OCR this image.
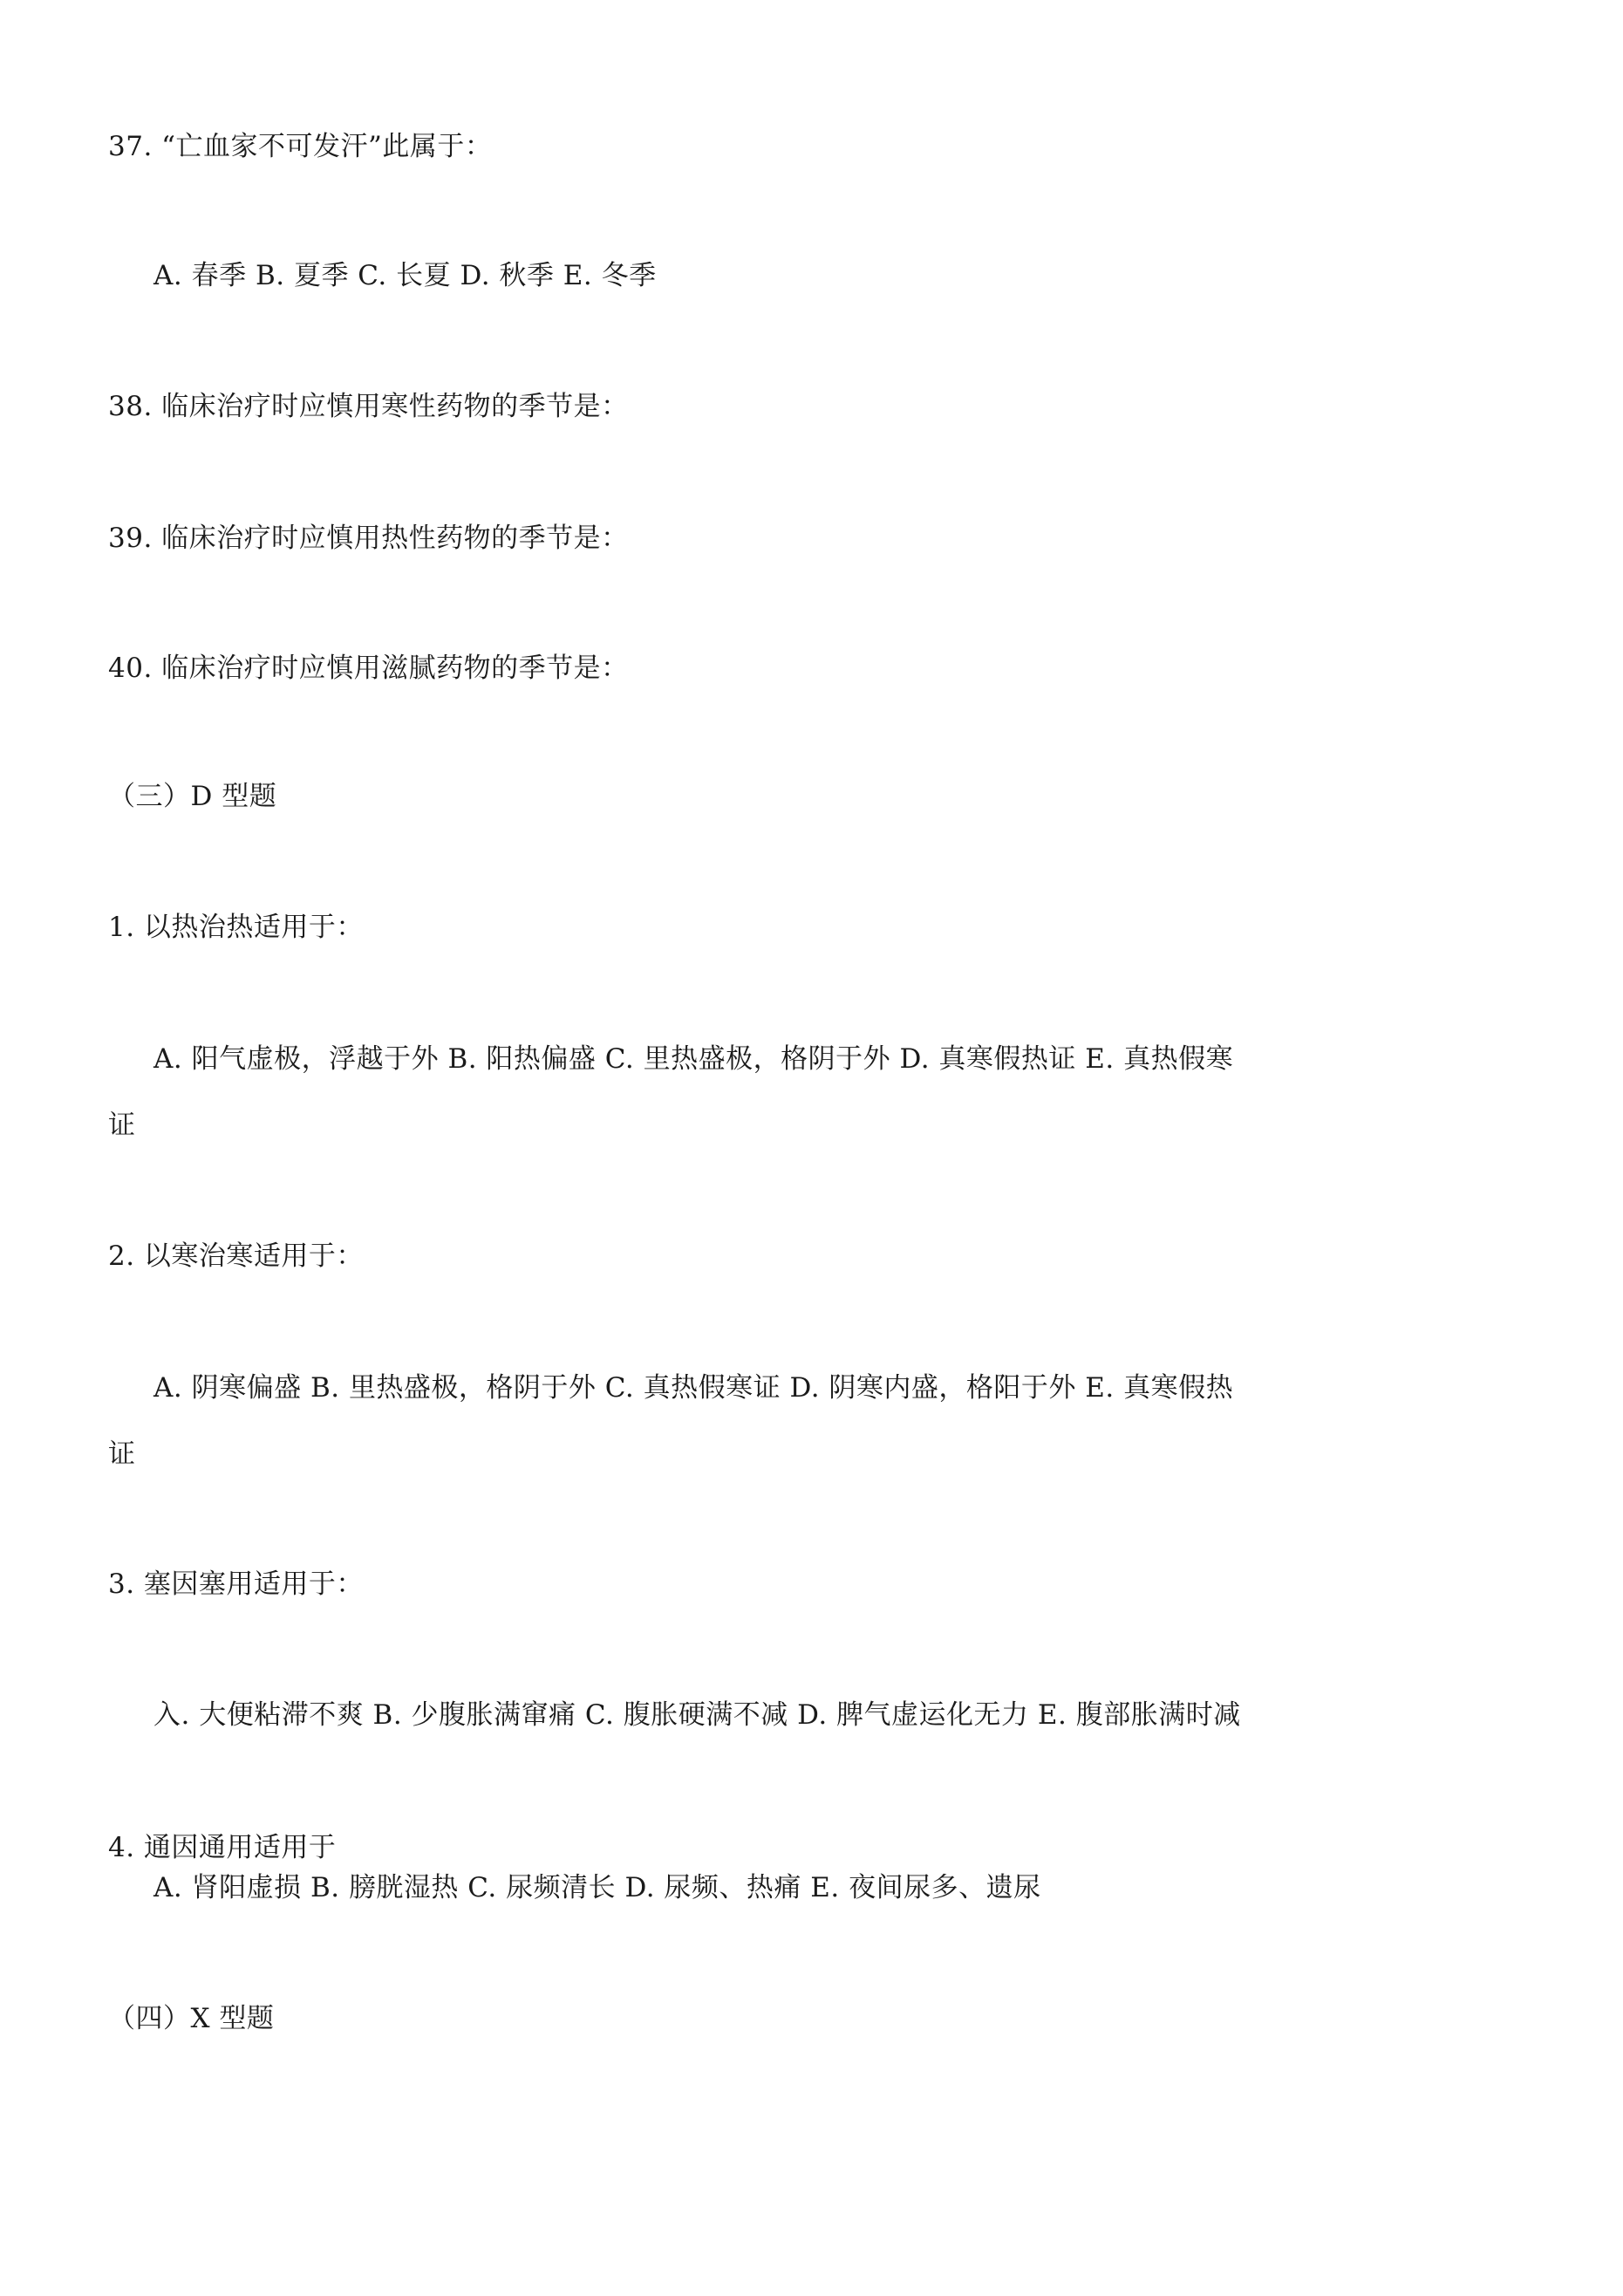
37. “亡血家不可发汗”此属于：
A. 春季 B. 夏季 C. 长夏 D. 秋季 E. 冬季
38. 临床治疗时应慎用寒性药物的季节是：
39. 临床治疗时应慎用热性药物的季节是：
40. 临床治疗时应慎用滋腻药物的季节是：
（三）D 型题
1. 以热治热适用于：
A. 阳气虚极，浮越于外 B. 阳热偏盛 C. 里热盛极，格阴于外 D. 真寒假热证 E. 真热假寒
证
2. 以寒治寒适用于：
A. 阴寒偏盛 B. 里热盛极，格阴于外 C. 真热假寒证 D. 阴寒内盛，格阳于外 E. 真寒假热
证
3. 塞因塞用适用于：
入. 大便粘滞不爽 B. 少腹胀满窜痛 C. 腹胀硬满不减 D. 脾气虚运化无力 E. 腹部胀满时减
4. 通因通用适用于
A. 肾阳虚损 B. 膀胱湿热 C. 尿频清长 D. 尿频、热痛 E. 夜间尿多、遗尿
（四）X 型题
